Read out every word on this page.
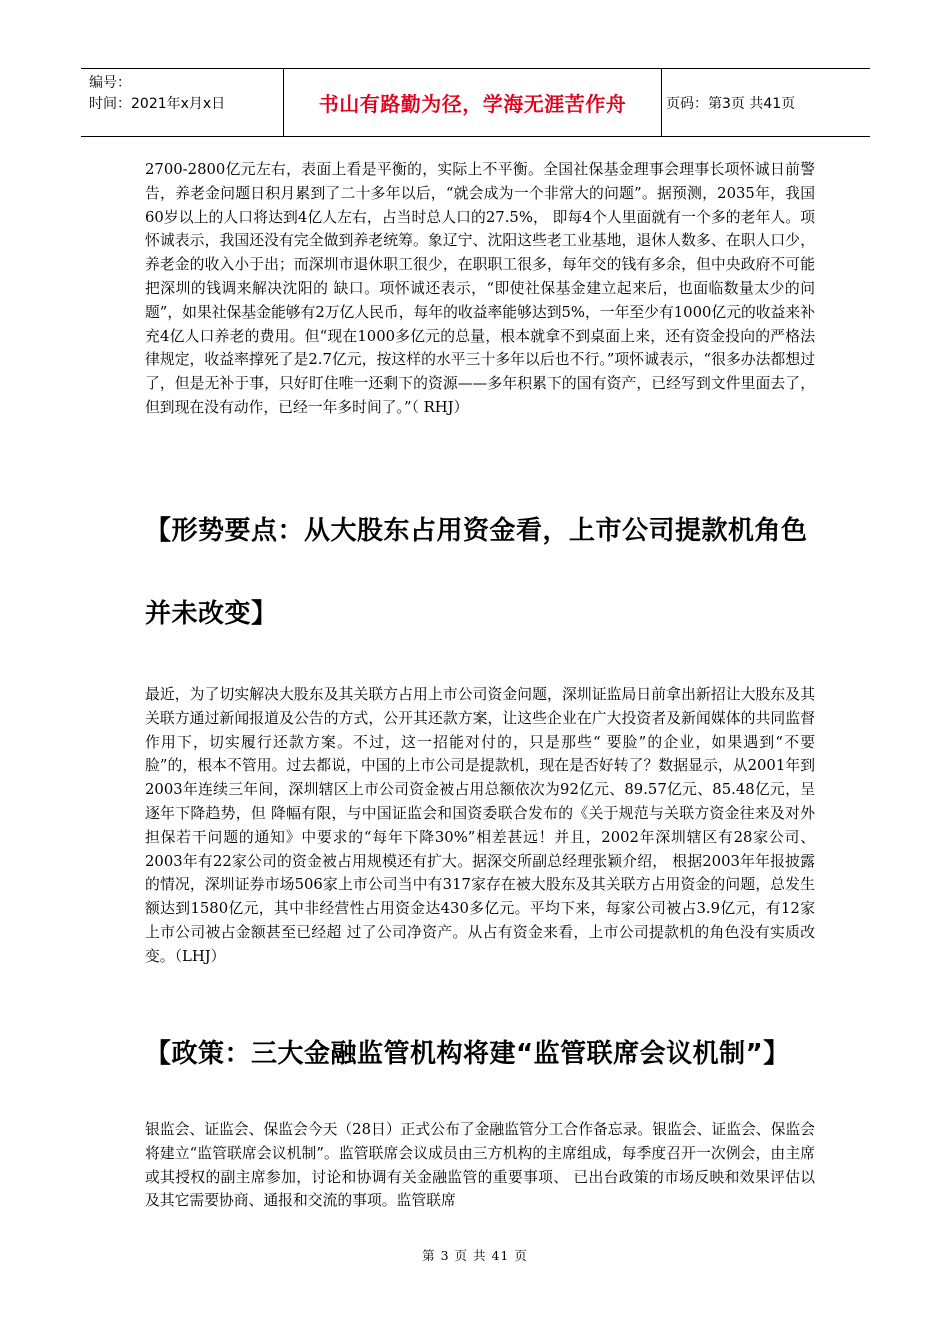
编号：
时间：2021年x月x日	书山有路勤为径，学海无涯苦作舟	页码：第3页 共41页

2700-2800亿元左右，表面上看是平衡的，实际上不平衡。全国社保基金理事会理事长项怀诚日前警告，养老金问题日积月累到了二十多年以后，“就会成为一个非常大的问题”。据预测，2035年，我国60岁以上的人口将达到4亿人左右，占当时总人口的27.5%， 即每4个人里面就有一个多的老年人。项怀诚表示，我国还没有完全做到养老统筹。象辽宁、沈阳这些老工业基地，退休人数多、在职人口少，养老金的收入小于出；而深圳市退休职工很少，在职职工很多，每年交的钱有多余，但中央政府不可能把深圳的钱调来解决沈阳的 缺口。项怀诚还表示，“即使社保基金建立起来后，也面临数量太少的问题”，如果社保基金能够有2万亿人民币，每年的收益率能够达到5%，一年至少有1000亿元的收益来补充4亿人口养老的费用。但“现在1000多亿元的总量，根本就拿不到桌面上来，还有资金投向的严格法律规定，收益率撑死了是2.7亿元，按这样的水平三十多年以后也不行。”项怀诚表示，“很多办法都想过了，但是无补于事，只好盯住唯一还剩下的资源——多年积累下的国有资产，已经写到文件里面去了，但到现在没有动作，已经一年多时间了。”（ RHJ）

【形势要点：从大股东占用资金看，上市公司提款机角色
并未改变】

最近，为了切实解决大股东及其关联方占用上市公司资金问题，深圳证监局日前拿出新招让大股东及其关联方通过新闻报道及公告的方式，公开其还款方案，让这些企业在广大投资者及新闻媒体的共同监督作用下，切实履行还款方案。不过，这一招能对付的，只是那些“ 要脸”的企业，如果遇到“不要脸”的，根本不管用。过去都说，中国的上市公司是提款机，现在是否好转了？数据显示，从2001年到2003年连续三年间，深圳辖区上市公司资金被占用总额依次为92亿元、89.57亿元、85.48亿元，呈逐年下降趋势，但 降幅有限，与中国证监会和国资委联合发布的《关于规范与关联方资金往来及对外担保若干问题的通知》中要求的“每年下降30%”相差甚远！并且，2002年深圳辖区有28家公司、2003年有22家公司的资金被占用规模还有扩大。据深交所副总经理张颖介绍， 根据2003年年报披露的情况，深圳证券市场506家上市公司当中有317家存在被大股东及其关联方占用资金的问题，总发生额达到1580亿元，其中非经营性占用资金达430多亿元。平均下来，每家公司被占3.9亿元，有12家上市公司被占金额甚至已经超 过了公司净资产。从占有资金来看，上市公司提款机的角色没有实质改变。（LHJ）

【政策：三大金融监管机构将建“监管联席会议机制”】

银监会、证监会、保监会今天（28日）正式公布了金融监管分工合作备忘录。银监会、证监会、保监会将建立“监管联席会议机制”。监管联席会议成员由三方机构的主席组成，每季度召开一次例会，由主席或其授权的副主席参加，讨论和协调有关金融监管的重要事项、 已出台政策的市场反映和效果评估以及其它需要协商、通报和交流的事项。监管联席

第 3 页 共 41 页
